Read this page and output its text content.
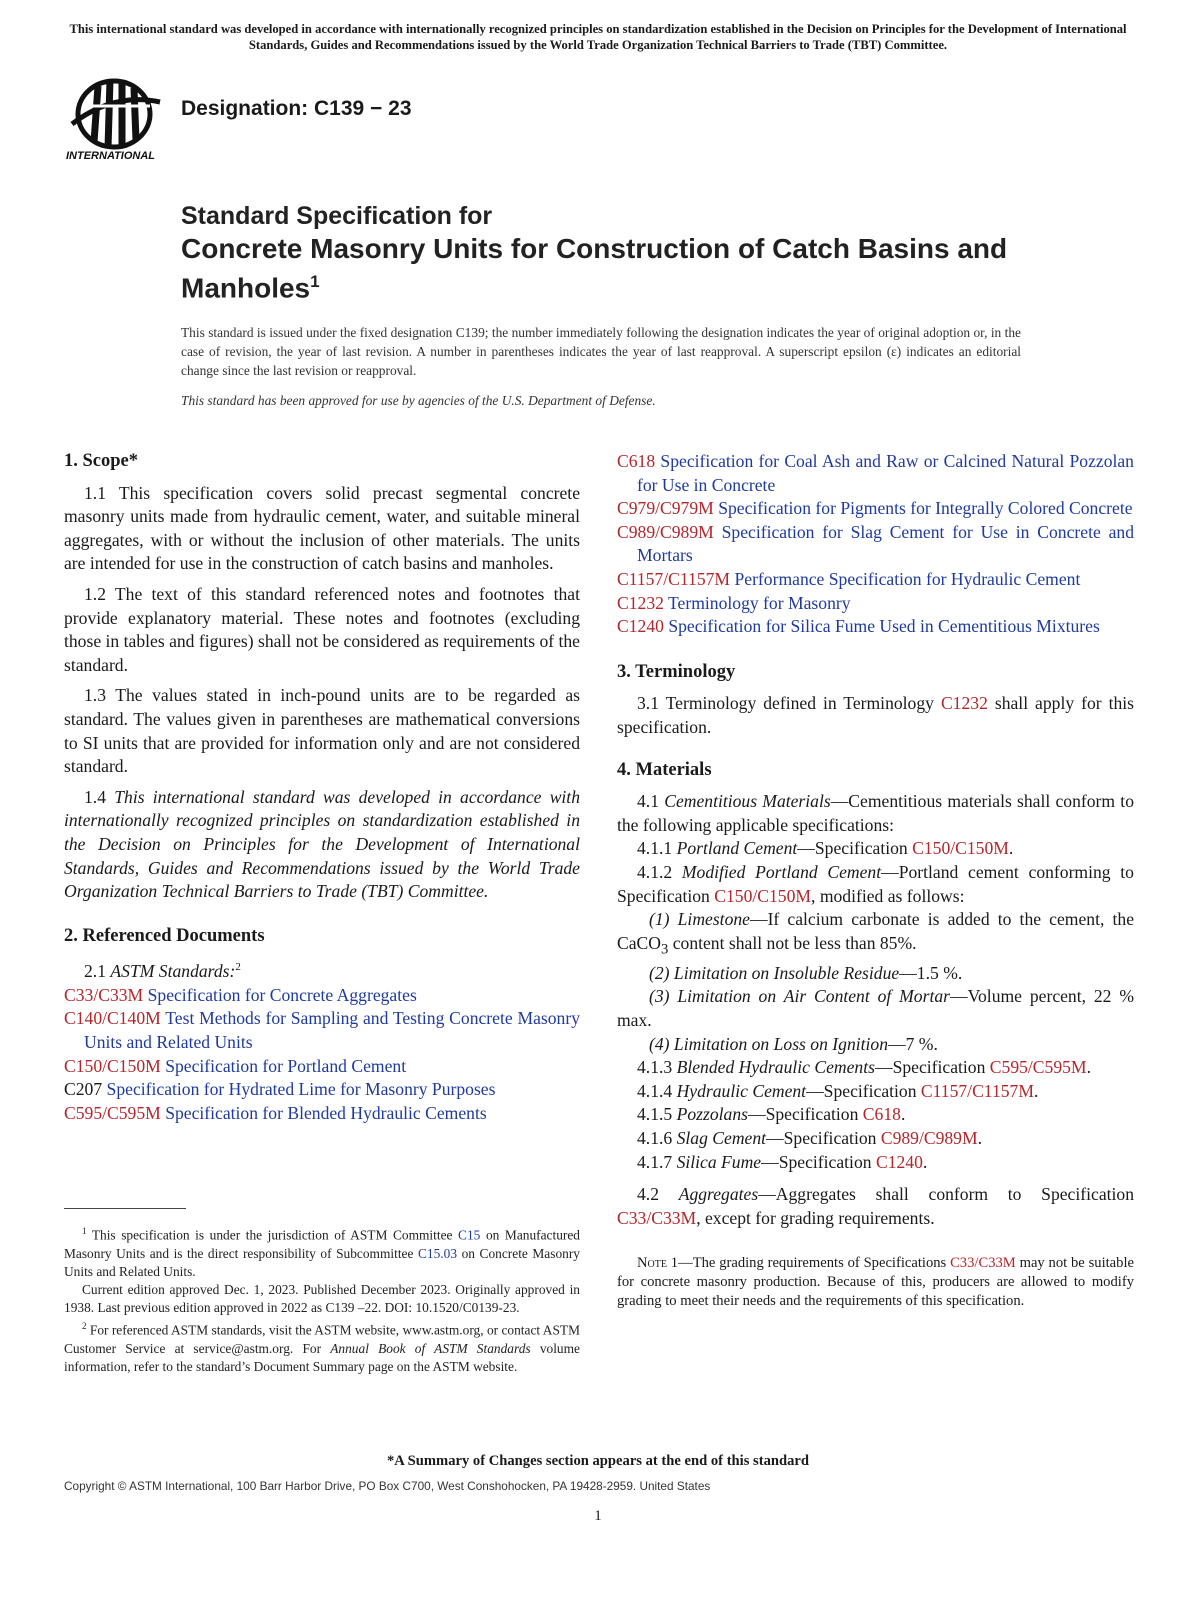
This international standard was developed in accordance with internationally recognized principles on standardization established in the Decision on Principles for the Development of International Standards, Guides and Recommendations issued by the World Trade Organization Technical Barriers to Trade (TBT) Committee.
INTERNATIONAL
Designation: C139 − 23
Standard Specification for
Concrete Masonry Units for Construction of Catch Basins and Manholes$^1$
This standard is issued under the fixed designation C139; the number immediately following the designation indicates the year of original adoption or, in the case of revision, the year of last revision. A number in parentheses indicates the year of last reapproval. A superscript epsilon (ε) indicates an editorial change since the last revision or reapproval.
This standard has been approved for use by agencies of the U.S. Department of Defense.

1. Scope*

1.1 This specification covers solid precast segmental concrete masonry units made from hydraulic cement, water, and suitable mineral aggregates, with or without the inclusion of other materials. The units are intended for use in the construction of catch basins and manholes.

1.2 The text of this standard referenced notes and footnotes that provide explanatory material. These notes and footnotes (excluding those in tables and figures) shall not be considered as requirements of the standard.

1.3 The values stated in inch-pound units are to be regarded as standard. The values given in parentheses are mathematical conversions to SI units that are provided for information only and are not considered standard.

1.4 This international standard was developed in accordance with internationally recognized principles on standardization established in the Decision on Principles for the Development of International Standards, Guides and Recommendations issued by the World Trade Organization Technical Barriers to Trade (TBT) Committee.

2. Referenced Documents

2.1 ASTM Standards:$^2$

C33/C33M Specification for Concrete Aggregates

C140/C140M Test Methods for Sampling and Testing Concrete Masonry Units and Related Units

C150/C150M Specification for Portland Cement

C207 Specification for Hydrated Lime for Masonry Purposes

C595/C595M Specification for Blended Hydraulic Cements

$^1$ This specification is under the jurisdiction of ASTM Committee C15 on Manufactured Masonry Units and is the direct responsibility of Subcommittee C15.03 on Concrete Masonry Units and Related Units.

Current edition approved Dec. 1, 2023. Published December 2023. Originally approved in 1938. Last previous edition approved in 2022 as C139 –22. DOI: 10.1520/C0139-23.

$^2$ For referenced ASTM standards, visit the ASTM website, www.astm.org, or contact ASTM Customer Service at service@astm.org. For Annual Book of ASTM Standards volume information, refer to the standard’s Document Summary page on the ASTM website.

C618 Specification for Coal Ash and Raw or Calcined Natural Pozzolan for Use in Concrete

C979/C979M Specification for Pigments for Integrally Colored Concrete

C989/C989M Specification for Slag Cement for Use in Concrete and Mortars

C1157/C1157M Performance Specification for Hydraulic Cement

C1232 Terminology for Masonry

C1240 Specification for Silica Fume Used in Cementitious Mixtures

3. Terminology

3.1 Terminology defined in Terminology C1232 shall apply for this specification.

4. Materials

4.1 Cementitious Materials—Cementitious materials shall conform to the following applicable specifications:

4.1.1 Portland Cement—Specification C150/C150M.

4.1.2 Modified Portland Cement—Portland cement conforming to Specification C150/C150M, modified as follows:

(1) Limestone—If calcium carbonate is added to the cement, the CaCO$_3$ content shall not be less than 85%.

(2) Limitation on Insoluble Residue—1.5 %.

(3) Limitation on Air Content of Mortar—Volume percent, 22 % max.

(4) Limitation on Loss on Ignition—7 %.

4.1.3 Blended Hydraulic Cements—Specification C595/C595M.

4.1.4 Hydraulic Cement—Specification C1157/C1157M.

4.1.5 Pozzolans—Specification C618.

4.1.6 Slag Cement—Specification C989/C989M.

4.1.7 Silica Fume—Specification C1240.

4.2 Aggregates—Aggregates shall conform to Specification C33/C33M, except for grading requirements.

Note 1—The grading requirements of Specifications C33/C33M may not be suitable for concrete masonry production. Because of this, producers are allowed to modify grading to meet their needs and the requirements of this specification.

*A Summary of Changes section appears at the end of this standard
Copyright © ASTM International, 100 Barr Harbor Drive, PO Box C700, West Conshohocken, PA 19428-2959. United States
1
